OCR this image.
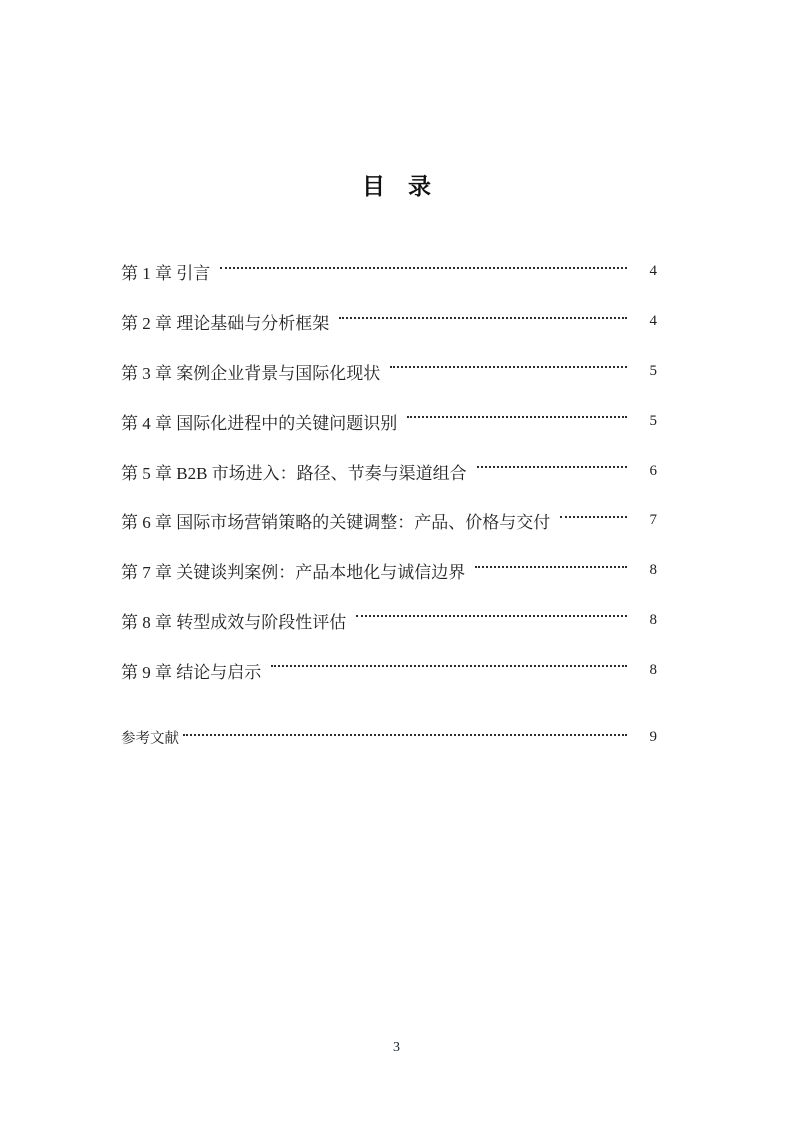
目　录
第 1 章 引言	4
第 2 章 理论基础与分析框架	4
第 3 章 案例企业背景与国际化现状	5
第 4 章 国际化进程中的关键问题识别	5
第 5 章 B2B 市场进入：路径、节奏与渠道组合	6
第 6 章 国际市场营销策略的关键调整：产品、价格与交付	7
第 7 章 关键谈判案例：产品本地化与诚信边界	8
第 8 章 转型成效与阶段性评估	8
第 9 章 结论与启示	8
参考文献	9
3
